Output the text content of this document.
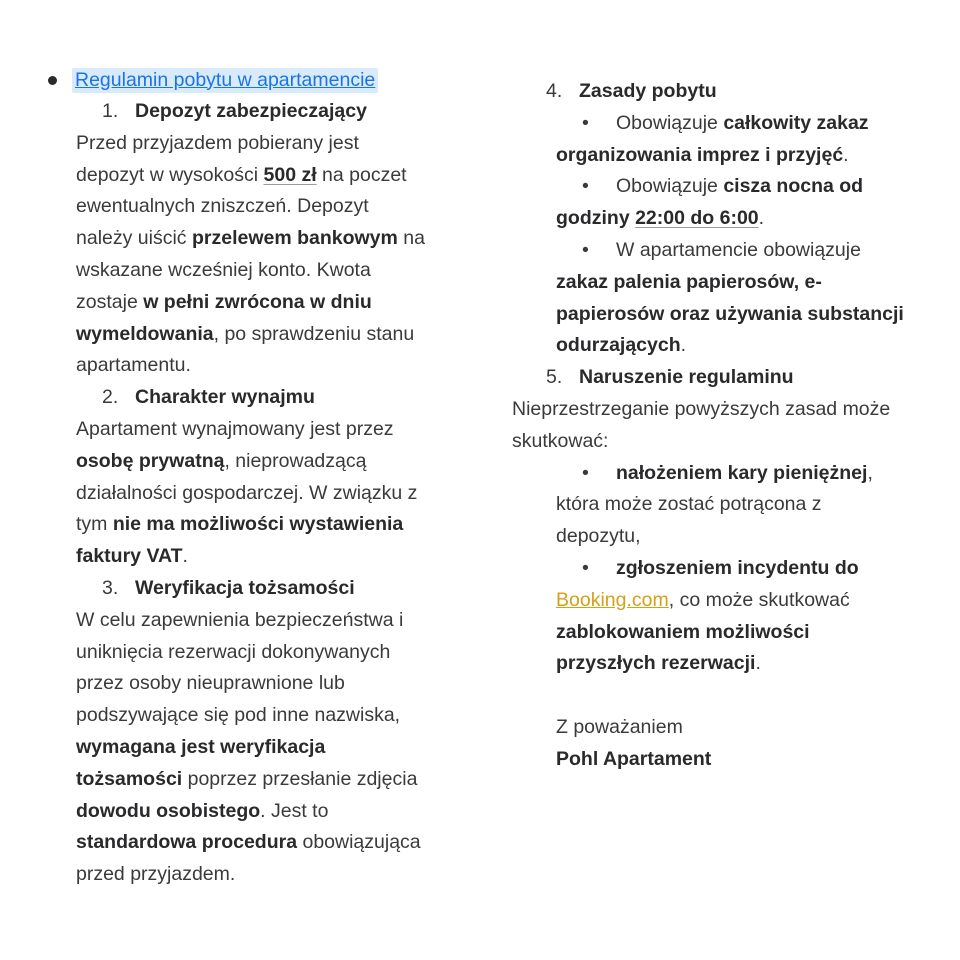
Regulamin pobytu w apartamencie
1. Depozyt zabezpieczający
Przed przyjazdem pobierany jest
depozyt w wysokości 500 zł na poczet
ewentualnych zniszczeń. Depozyt
należy uiścić przelewem bankowym na
wskazane wcześniej konto. Kwota
zostaje w pełni zwrócona w dniu
wymeldowania, po sprawdzeniu stanu
apartamentu.
2. Charakter wynajmu
Apartament wynajmowany jest przez
osobę prywatną, nieprowadzącą
działalności gospodarczej. W związku z
tym nie ma możliwości wystawienia
faktury VAT.
3. Weryfikacja tożsamości
W celu zapewnienia bezpieczeństwa i
uniknięcia rezerwacji dokonywanych
przez osoby nieuprawnione lub
podszywające się pod inne nazwiska,
wymagana jest weryfikacja
tożsamości poprzez przesłanie zdjęcia
dowodu osobistego. Jest to
standardowa procedura obowiązująca
przed przyjazdem.
4. Zasady pobytu
• Obowiązuje całkowity zakaz
organizowania imprez i przyjęć.
• Obowiązuje cisza nocna od
godziny 22:00 do 6:00.
• W apartamencie obowiązuje
zakaz palenia papierosów, e-
papierosów oraz używania substancji
odurzających.
5. Naruszenie regulaminu
Nieprzestrzeganie powyższych zasad może
skutkować:
• nałożeniem kary pieniężnej,
która może zostać potrącona z
depozytu,
• zgłoszeniem incydentu do
Booking.com, co może skutkować
zablokowaniem możliwości
przyszłych rezerwacji.
Z poważaniem
Pohl Apartament
